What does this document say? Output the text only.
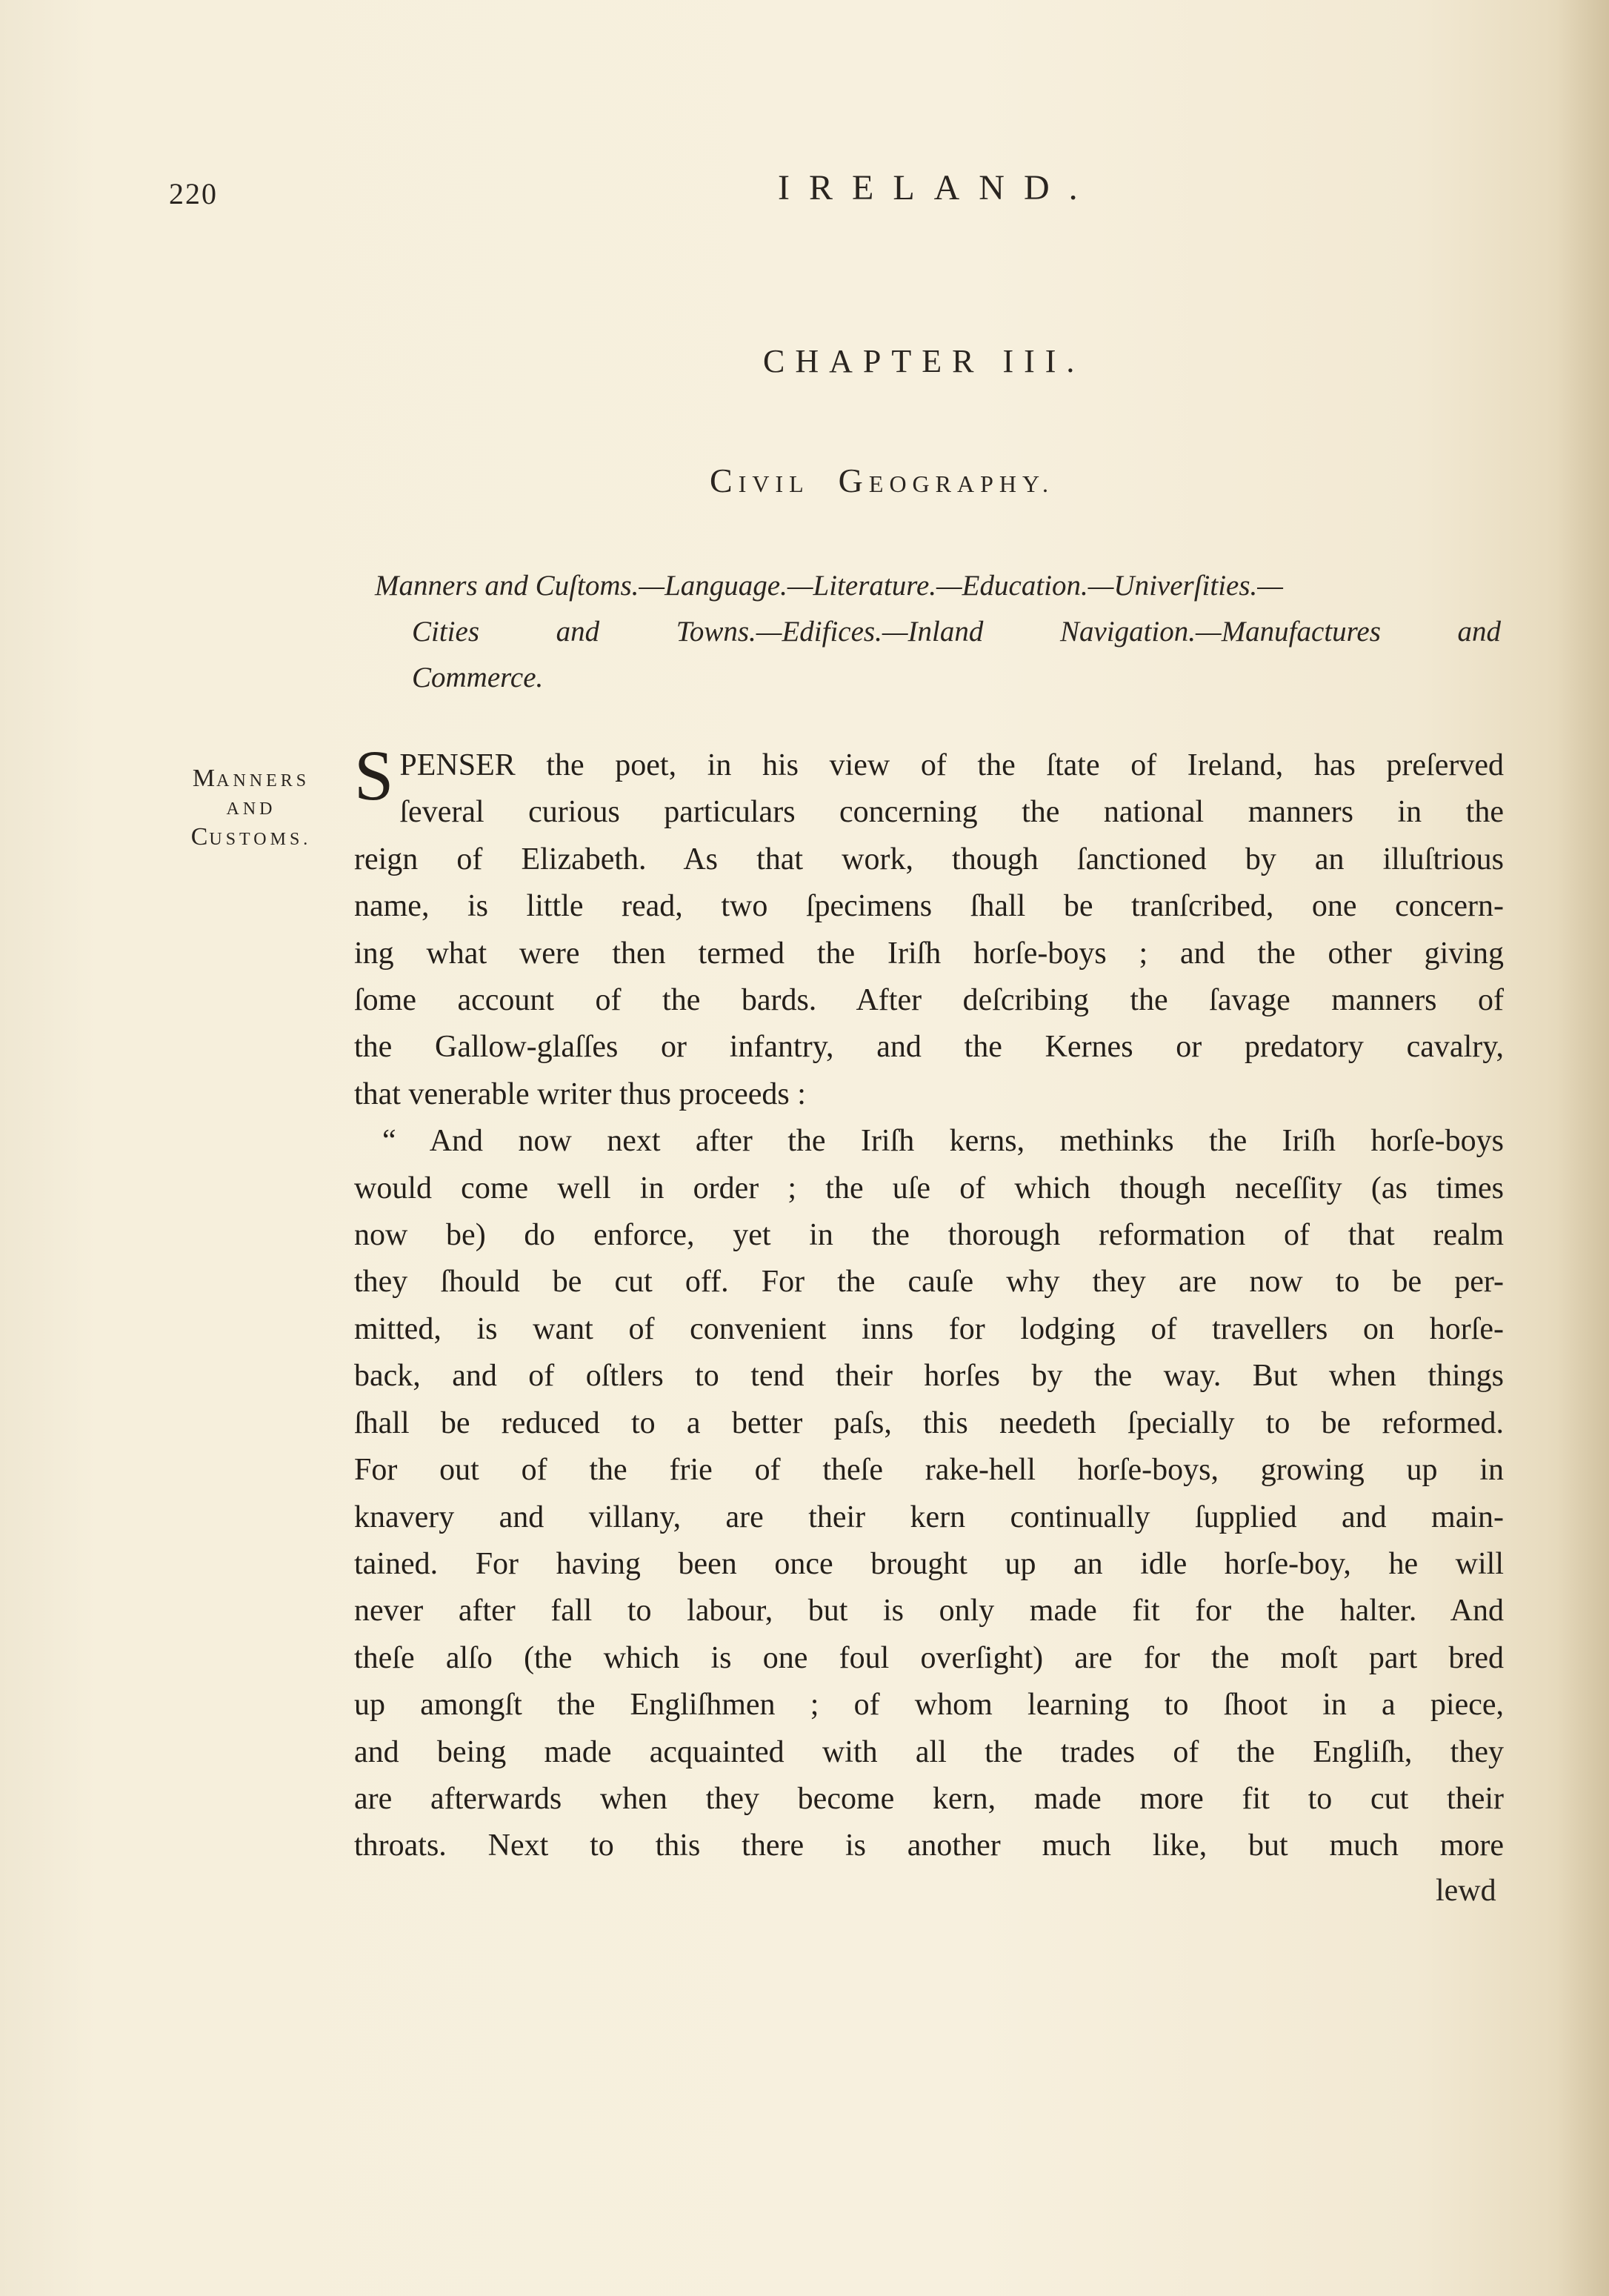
220	IRELAND.
CHAPTER III.
CIVIL GEOGRAPHY.
Manners and Cuſtoms.—Language.—Literature.—Education.—Univerſities.—
Cities and Towns.—Edifices.—Inland Navigation.—Manufactures and
Commerce.
MANNERS
AND
CUSTOMS.
S PENSER the poet, in his view of the ſtate of Ireland, has preſerved
ſeveral curious particulars concerning the national manners in the
reign of Elizabeth. As that work, though ſanctioned by an illuſtrious
name, is little read, two ſpecimens ſhall be tranſcribed, one concern-
ing what were then termed the Iriſh horſe-boys ; and the other giving
ſome account of the bards. After deſcribing the ſavage manners of
the Gallow-glaſſes or infantry, and the Kernes or predatory cavalry,
that venerable writer thus proceeds :
“ And now next after the Iriſh kerns, methinks the Iriſh horſe-boys
would come well in order ; the uſe of which though neceſſity (as times
now be) do enforce, yet in the thorough reformation of that realm
they ſhould be cut off. For the cauſe why they are now to be per-
mitted, is want of convenient inns for lodging of travellers on horſe-
back, and of oſtlers to tend their horſes by the way. But when things
ſhall be reduced to a better paſs, this needeth ſpecially to be reformed.
For out of the frie of theſe rake-hell horſe-boys, growing up in
knavery and villany, are their kern continually ſupplied and main-
tained. For having been once brought up an idle horſe-boy, he will
never after fall to labour, but is only made fit for the halter. And
theſe alſo (the which is one foul overſight) are for the moſt part bred
up amongſt the Engliſhmen ; of whom learning to ſhoot in a piece,
and being made acquainted with all the trades of the Engliſh, they
are afterwards when they become kern, made more fit to cut their
throats. Next to this there is another much like, but much more
lewd
